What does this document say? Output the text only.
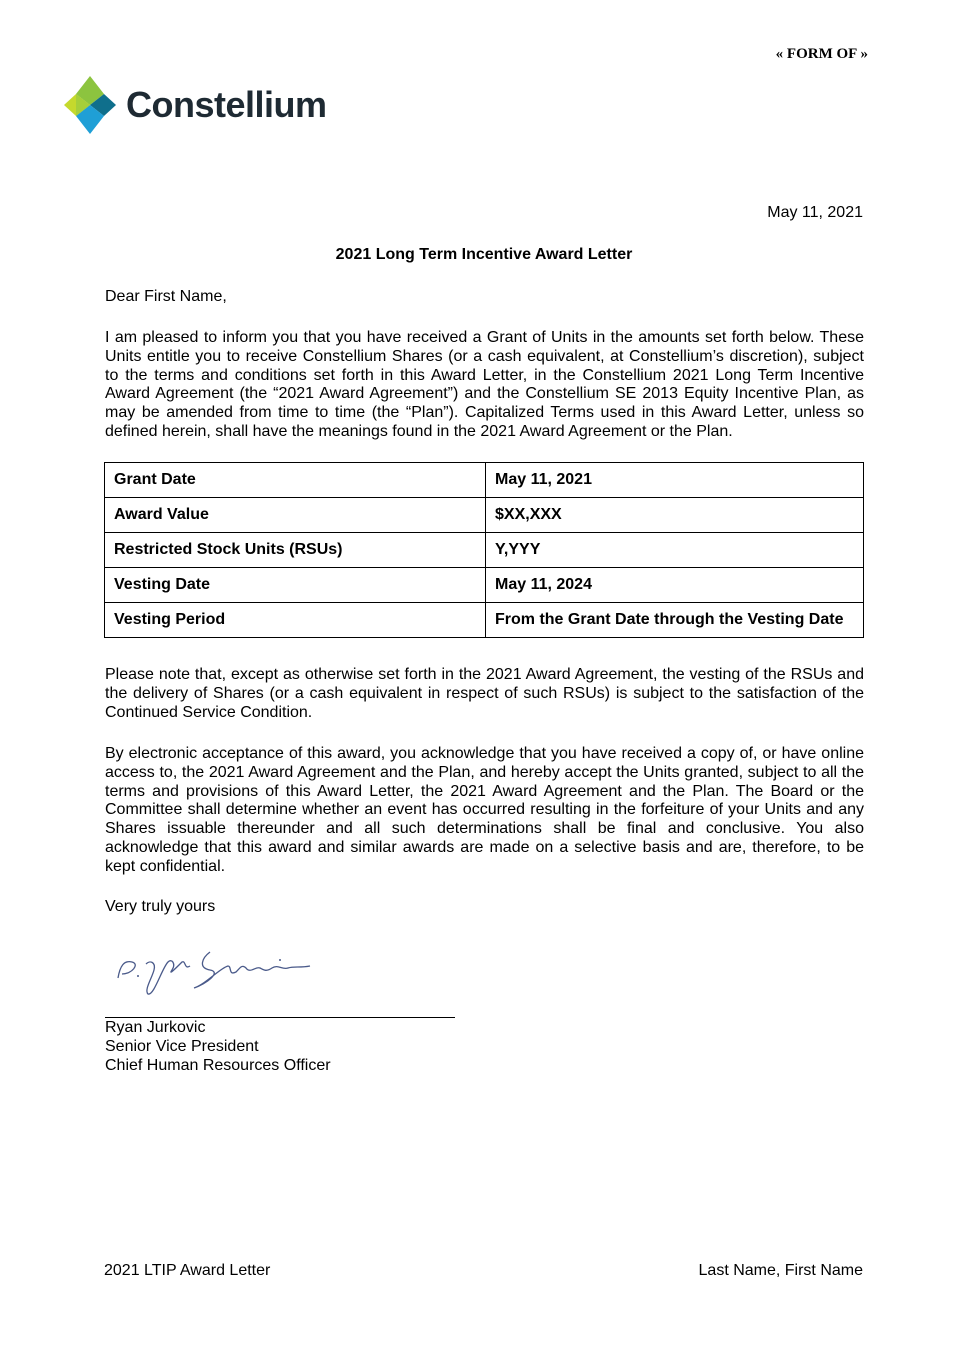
« FORM OF »
Constellium
May 11, 2021
2021 Long Term Incentive Award Letter
Dear First Name,

I am pleased to inform you that you have received a Grant of Units in the amounts set forth below. These Units entitle you to receive Constellium Shares (or a cash equivalent, at Constellium’s discretion), subject to the terms and conditions set forth in this Award Letter, in the Constellium 2021 Long Term Incentive Award Agreement (the “2021 Award Agreement”) and the Constellium SE 2013 Equity Incentive Plan, as may be amended from time to time (the “Plan”). Capitalized Terms used in this Award Letter, unless so defined herein, shall have the meanings found in the 2021 Award Agreement or the Plan.

Grant Date	May 11, 2021
Award Value	$XX,XXX
Restricted Stock Units (RSUs)	Y,YYY
Vesting Date	May 11, 2024
Vesting Period	From the Grant Date through the Vesting Date

Please note that, except as otherwise set forth in the 2021 Award Agreement, the vesting of the RSUs and the delivery of Shares (or a cash equivalent in respect of such RSUs) is subject to the satisfaction of the Continued Service Condition.

By electronic acceptance of this award, you acknowledge that you have received a copy of, or have online access to, the 2021 Award Agreement and the Plan, and hereby accept the Units granted, subject to all the terms and provisions of this Award Letter, the 2021 Award Agreement and the Plan. The Board or the Committee shall determine whether an event has occurred resulting in the forfeiture of your Units and any Shares issuable thereunder and all such determinations shall be final and conclusive. You also acknowledge that this award and similar awards are made on a selective basis and are, therefore, to be kept confidential.

Very truly yours
Ryan Jurkovic
Senior Vice President
Chief Human Resources Officer
2021 LTIP Award Letter	Last Name, First Name
